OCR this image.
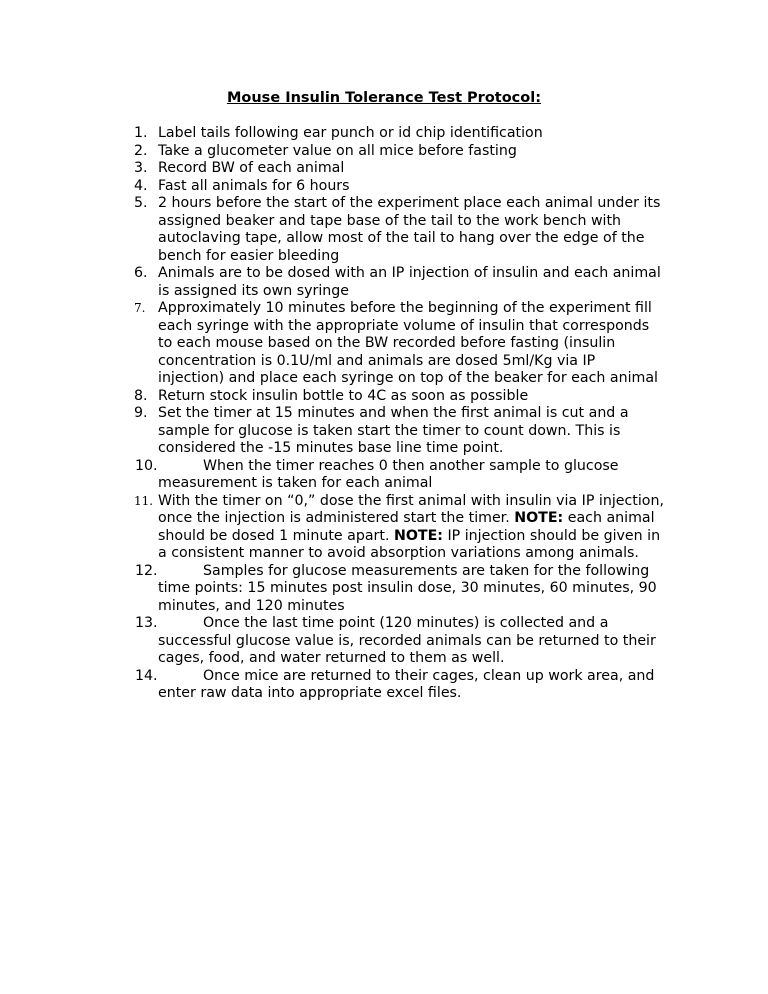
Mouse Insulin Tolerance Test Protocol:
1. Label tails following ear punch or id chip identification
2. Take a glucometer value on all mice before fasting
3. Record BW of each animal
4. Fast all animals for 6 hours
5. 2 hours before the start of the experiment place each animal under its assigned beaker and tape base of the tail to the work bench with autoclaving tape, allow most of the tail to hang over the edge of the bench for easier bleeding
6. Animals are to be dosed with an IP injection of insulin and each animal is assigned its own syringe
7. Approximately 10 minutes before the beginning of the experiment fill each syringe with the appropriate volume of insulin that corresponds to each mouse based on the BW recorded before fasting (insulin concentration is 0.1U/ml and animals are dosed 5ml/Kg via IP injection) and place each syringe on top of the beaker for each animal
8. Return stock insulin bottle to 4C as soon as possible
9. Set the timer at 15 minutes and when the first animal is cut and a sample for glucose is taken start the timer to count down. This is considered the -15 minutes base line time point.
10.	When the timer reaches 0 then another sample to glucose measurement is taken for each animal
11. With the timer on “0,” dose the first animal with insulin via IP injection, once the injection is administered start the timer. NOTE: each animal should be dosed 1 minute apart. NOTE: IP injection should be given in a consistent manner to avoid absorption variations among animals.
12.	Samples for glucose measurements are taken for the following time points: 15 minutes post insulin dose, 30 minutes, 60 minutes, 90 minutes, and 120 minutes
13.	Once the last time point (120 minutes) is collected and a successful glucose value is, recorded animals can be returned to their cages, food, and water returned to them as well.
14.	Once mice are returned to their cages, clean up work area, and enter raw data into appropriate excel files.
